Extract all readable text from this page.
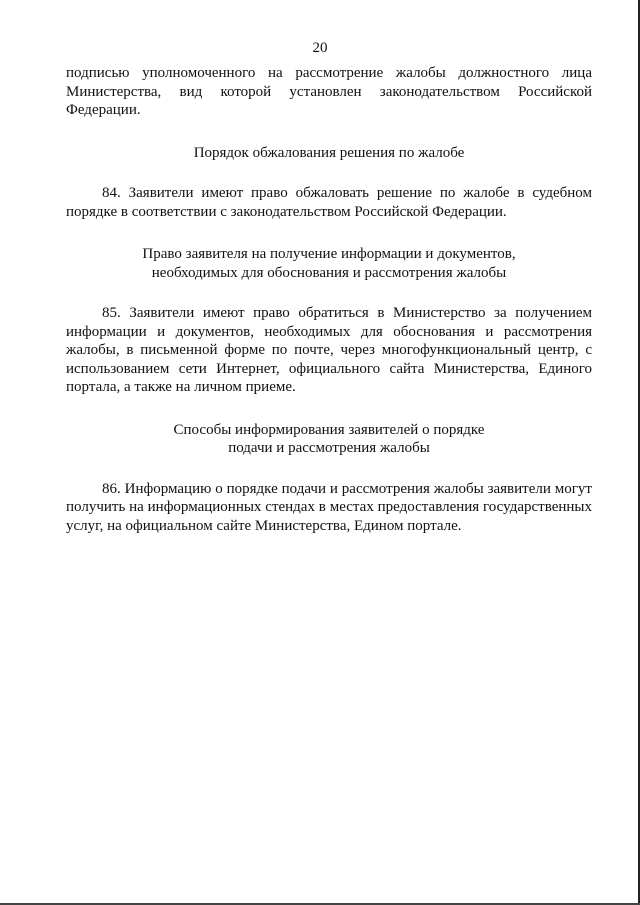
20

подписью уполномоченного на рассмотрение жалобы должностного лица Министерства, вид которой установлен законодательством Российской Федерации.

Порядок обжалования решения по жалобе

84. Заявители имеют право обжаловать решение по жалобе в судебном порядке в соответствии с законодательством Российской Федерации.

Право заявителя на получение информации и документов,
необходимых для обоснования и рассмотрения жалобы

85. Заявители имеют право обратиться в Министерство за получением информации и документов, необходимых для обоснования и рассмотрения жалобы, в письменной форме по почте, через многофункциональный центр, с использованием сети Интернет, официального сайта Министерства, Единого портала, а также на личном приеме.

Способы информирования заявителей о порядке
подачи и рассмотрения жалобы

86. Информацию о порядке подачи и рассмотрения жалобы заявители могут получить на информационных стендах в местах предоставления государственных услуг, на официальном сайте Министерства, Едином портале.
